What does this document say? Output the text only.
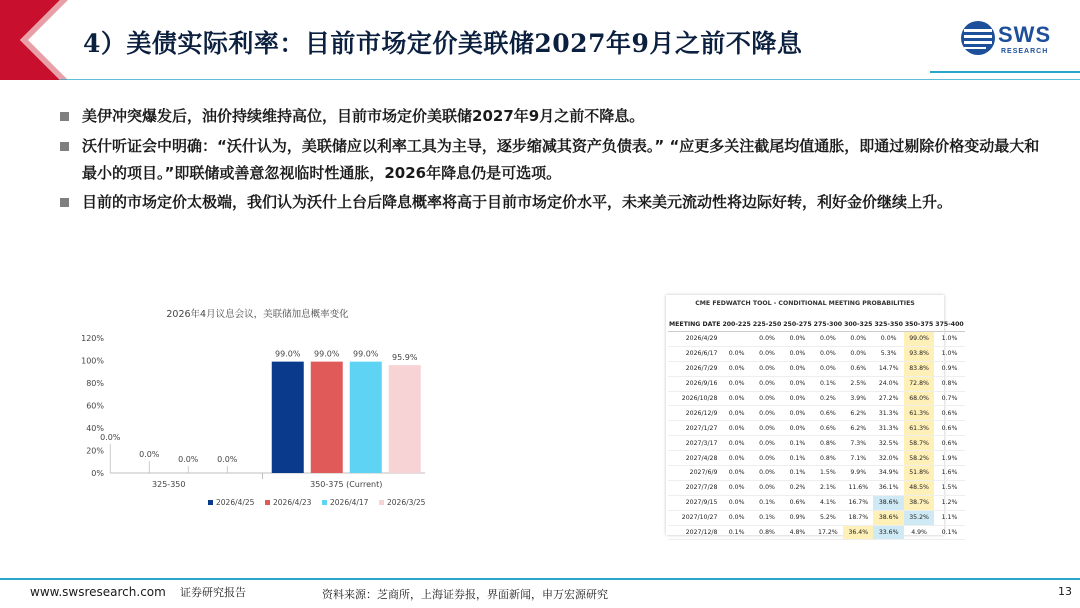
4）美债实际利率：目前市场定价美联储2027年9月之前不降息	SWS
RESEARCH
美伊冲突爆发后，油价持续维持高位，目前市场定价美联储2027年9月之前不降息。
沃什听证会中明确：“沃什认为，美联储应以利率工具为主导，逐步缩减其资产负债表。” “应更多关注截尾均值通胀，即通过剔除价格变动最大和最小的项目。”即联储或善意忽视临时性通胀，2026年降息仍是可选项。
目前的市场定价太极端，我们认为沃什上台后降息概率将高于目前市场定价水平，未来美元流动性将边际好转，利好金价继续上升。
2026年4月议息会议，美联储加息概率变化
0%
20%
40%
60%
80%
100%
120%
0.0%
0.0%
0.0% 0.0%
325-350
99.0% 99.0% 99.0% 95.9%
350-375 (Current)
2026/4/25 2026/4/23 2026/4/17 2026/3/25
CME FEDWATCH TOOL - CONDITIONAL MEETING PROBABILITIES
MEETING DATE	200-225	225-250	250-275	275-300	300-325	325-350	350-375	375-400
2026/4/29		0.0%	0.0%	0.0%	0.0%	0.0%	99.0%	1.0%
2026/6/17	0.0%	0.0%	0.0%	0.0%	0.0%	5.3%	93.8%	1.0%
2026/7/29	0.0%	0.0%	0.0%	0.0%	0.6%	14.7%	83.8%	0.9%
2026/9/16	0.0%	0.0%	0.0%	0.1%	2.5%	24.0%	72.8%	0.8%
2026/10/28	0.0%	0.0%	0.0%	0.2%	3.9%	27.2%	68.0%	0.7%
2026/12/9	0.0%	0.0%	0.0%	0.6%	6.2%	31.3%	61.3%	0.6%
2027/1/27	0.0%	0.0%	0.0%	0.6%	6.2%	31.3%	61.3%	0.6%
2027/3/17	0.0%	0.0%	0.1%	0.8%	7.3%	32.5%	58.7%	0.6%
2027/4/28	0.0%	0.0%	0.1%	0.8%	7.1%	32.0%	58.2%	1.9%
2027/6/9	0.0%	0.0%	0.1%	1.5%	9.9%	34.9%	51.8%	1.6%
2027/7/28	0.0%	0.0%	0.2%	2.1%	11.6%	36.1%	48.5%	1.5%
2027/9/15	0.0%	0.1%	0.6%	4.1%	16.7%	38.6%	38.7%	1.2%
2027/10/27	0.0%	0.1%	0.9%	5.2%	18.7%	38.6%	35.2%	1.1%
2027/12/8	0.1%	0.8%	4.8%	17.2%	36.4%	33.6%	4.9%	0.1%
www.swsresearch.com 证券研究报告	资料来源：芝商所，上海证券报，界面新闻，申万宏源研究	13
